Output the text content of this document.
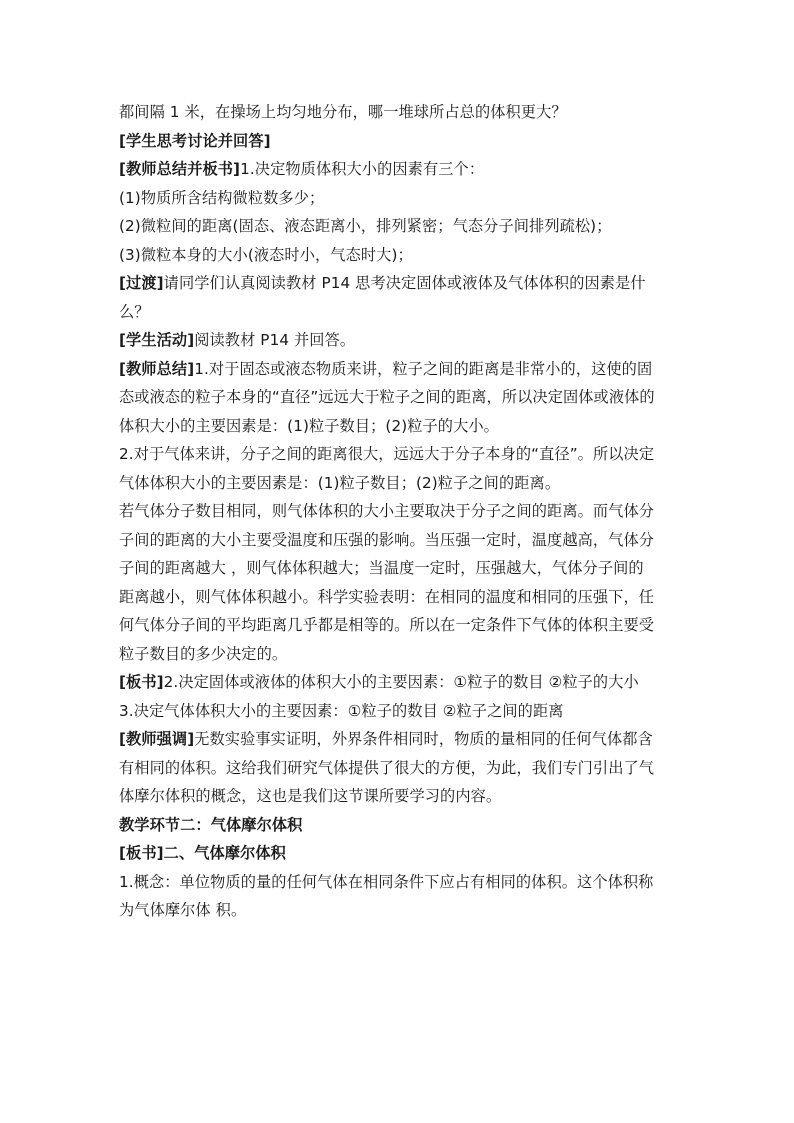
都间隔 1 米，在操场上均匀地分布，哪一堆球所占总的体积更大？
[学生思考讨论并回答]
[教师总结并板书]1.决定物质体积大小的因素有三个：
(1)物质所含结构微粒数多少；
(2)微粒间的距离(固态、液态距离小，排列紧密；气态分子间排列疏松)；
(3)微粒本身的大小(液态时小，气态时大)；
[过渡]请同学们认真阅读教材 P14 思考决定固体或液体及气体体积的因素是什
么？
[学生活动]阅读教材 P14 并回答。
[教师总结]1.对于固态或液态物质来讲，粒子之间的距离是非常小的，这使的固
态或液态的粒子本身的“直径”远远大于粒子之间的距离，所以决定固体或液体的
体积大小的主要因素是：(1)粒子数目；(2)粒子的大小。
2.对于气体来讲，分子之间的距离很大，远远大于分子本身的“直径”。所以决定
气体体积大小的主要因素是：(1)粒子数目；(2)粒子之间的距离。
若气体分子数目相同，则气体体积的大小主要取决于分子之间的距离。而气体分
子间的距离的大小主要受温度和压强的影响。当压强一定时，温度越高，气体分
子间的距离越大 ，则气体体积越大；当温度一定时，压强越大，气体分子间的
距离越小，则气体体积越小。科学实验表明：在相同的温度和相同的压强下，任
何气体分子间的平均距离几乎都是相等的。所以在一定条件下气体的体积主要受
粒子数目的多少决定的。
[板书]2.决定固体或液体的体积大小的主要因素：①粒子的数目 ②粒子的大小
3.决定气体体积大小的主要因素：①粒子的数目 ②粒子之间的距离
[教师强调]无数实验事实证明，外界条件相同时，物质的量相同的任何气体都含
有相同的体积。这给我们研究气体提供了很大的方便，为此，我们专门引出了气
体摩尔体积的概念，这也是我们这节课所要学习的内容。
教学环节二：气体摩尔体积
[板书]二、气体摩尔体积
1.概念：单位物质的量的任何气体在相同条件下应占有相同的体积。这个体积称
为气体摩尔体 积。
